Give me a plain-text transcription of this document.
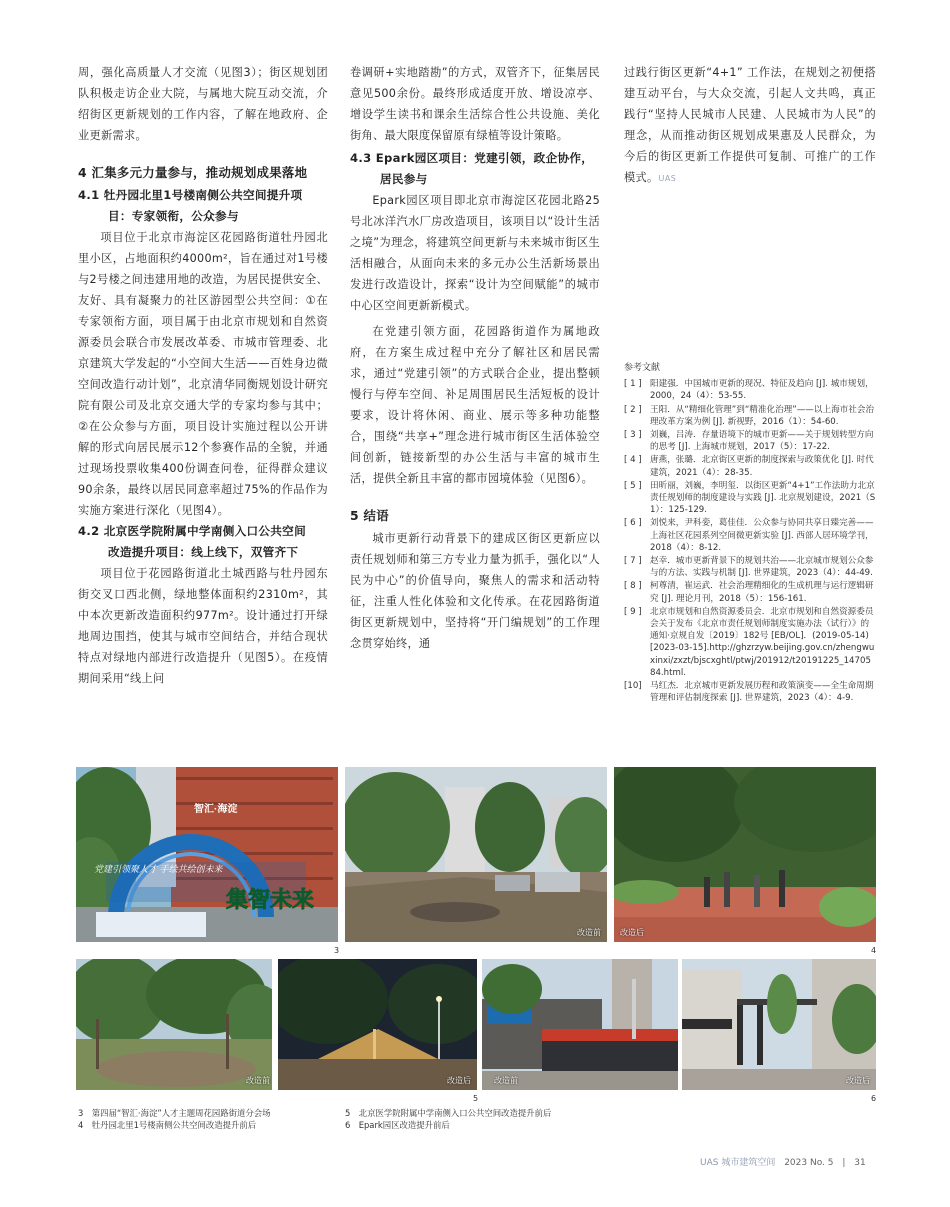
周，强化高质量人才交流（见图3）；街区规划团队积极走访企业大院，与属地大院互动交流，介绍街区更新规划的工作内容，了解在地政府、企业更新需求。

4 汇集多元力量参与，推动规划成果落地
4.1 牡丹园北里1号楼南侧公共空间提升项
目：专家领衔，公众参与

项目位于北京市海淀区花园路街道牡丹园北里小区，占地面积约4000m²，旨在通过对1号楼与2号楼之间违建用地的改造，为居民提供安全、友好、具有凝聚力的社区游园型公共空间：①在专家领衔方面，项目属于由北京市规划和自然资源委员会联合市发展改革委、市城市管理委、北京建筑大学发起的“小空间大生活——百姓身边微空间改造行动计划”，北京清华同衡规划设计研究院有限公司及北京交通大学的专家均参与其中；②在公众参与方面，项目设计实施过程以公开讲解的形式向居民展示12个参赛作品的全貌，并通过现场投票收集400份调查问卷，征得群众建议90余条，最终以居民同意率超过75%的作品作为实施方案进行深化（见图4）。

4.2 北京医学院附属中学南侧入口公共空间
改造提升项目：线上线下，双管齐下

项目位于花园路街道北土城西路与牡丹园东街交叉口西北侧，绿地整体面积约2310m²，其中本次更新改造面积约977m²。设计通过打开绿地周边围挡，使其与城市空间结合，并结合现状特点对绿地内部进行改造提升（见图5）。在疫情期间采用“线上问

卷调研+实地踏勘”的方式，双管齐下，征集居民意见500余份。最终形成适度开放、增设凉亭、增设学生读书和课余生活综合性公共设施、美化街角、最大限度保留原有绿植等设计策略。

4.3 Epark园区项目：党建引领，政企协作，
居民参与

Epark园区项目即北京市海淀区花园北路25号北冰洋汽水厂房改造项目，该项目以“设计生活之境”为理念，将建筑空间更新与未来城市街区生活相融合，从面向未来的多元办公生活新场景出发进行改造设计，探索“设计为空间赋能”的城市中心区空间更新新模式。

在党建引领方面，花园路街道作为属地政府，在方案生成过程中充分了解社区和居民需求，通过“党建引领”的方式联合企业，提出整顿慢行与停车空间、补足周围居民生活短板的设计要求，设计将休闲、商业、展示等多种功能整合，围绕“共享+”理念进行城市街区生活体验空间创新，链接新型的办公生活与丰富的城市生活，提供全新且丰富的都市园境体验（见图6）。

5 结语

城市更新行动背景下的建成区街区更新应以责任规划师和第三方专业力量为抓手，强化以“人民为中心”的价值导向，聚焦人的需求和活动特征，注重人性化体验和文化传承。在花园路街道街区更新规划中，坚持将“开门编规划”的工作理念贯穿始终，通

过践行街区更新“4+1” 工作法，在规划之初便搭建互动平台，与大众交流，引起人文共鸣，真正践行“坚持人民城市人民建、人民城市为人民”的理念，从而推动街区规划成果惠及人民群众，为今后的街区更新工作提供可复制、可推广的工作模式。UAS

参考文献
[ 1 ] 阳建强．中国城市更新的现况、特征及趋向 [J]. 城市规划，2000，24（4）：53-55.
[ 2 ] 王阳．从“精细化管理”到“精准化治理”——以上海市社会治理改革方案为例 [J]. 新视野，2016（1）：54-60.
[ 3 ] 刘巍，吕涛．存量语境下的城市更新——关于规划转型方向的思考 [J]. 上海城市规划，2017（5）：17-22.
[ 4 ] 唐燕，张璐．北京街区更新的制度探索与政策优化 [J]. 时代建筑，2021（4）：28-35.
[ 5 ] 田昕丽，刘巍，李明玺．以街区更新“4+1”工作法助力北京责任规划师的制度建设与实践 [J]. 北京规划建设，2021（S1）：125-129.
[ 6 ] 刘悦来，尹科娈，葛佳佳．公众参与协同共享日臻完善——上海社区花园系列空间微更新实验 [J]. 西部人居环境学刊，2018（4）：8-12.
[ 7 ] 赵幸．城市更新背景下的规划共治——北京城市规划公众参与的方法、实践与机制 [J]. 世界建筑，2023（4）：44-49.
[ 8 ] 柯尊清，崔运武．社会治理精细化的生成机理与运行逻辑研究 [J]. 理论月刊，2018（5）：156-161.
[ 9 ] 北京市规划和自然资源委员会．北京市规划和自然资源委员会关于发布《北京市责任规划师制度实施办法（试行）》的通知·京规自发〔2019〕182号 [EB/OL]．(2019-05-14) [2023-03-15].http://ghzrzyw.beijing.gov.cn/zhengwuxinxi/zxzt/bjscxghtl/ptwj/201912/t20191225_1470584.html.
[10] 马红杰．北京城市更新发展历程和政策演变——全生命周期管理和评估制度探索 [J]. 世界建筑，2023（4）：4-9.
智汇·海淀
党建引领聚人才 手绘共绘创未来
集智未来
改造前 改造后
3	4
改造前	改造后	改造前	改造后
5	6
3　第四届“智汇·海淀”人才主题周花园路街道分会场
4　牡丹园北里1号楼南侧公共空间改造提升前后
5　北京医学院附属中学南侧入口公共空间改造提升前后
6　Epark园区改造提升前后
UAS 城市建筑空间 2023 No. 5 | 31
